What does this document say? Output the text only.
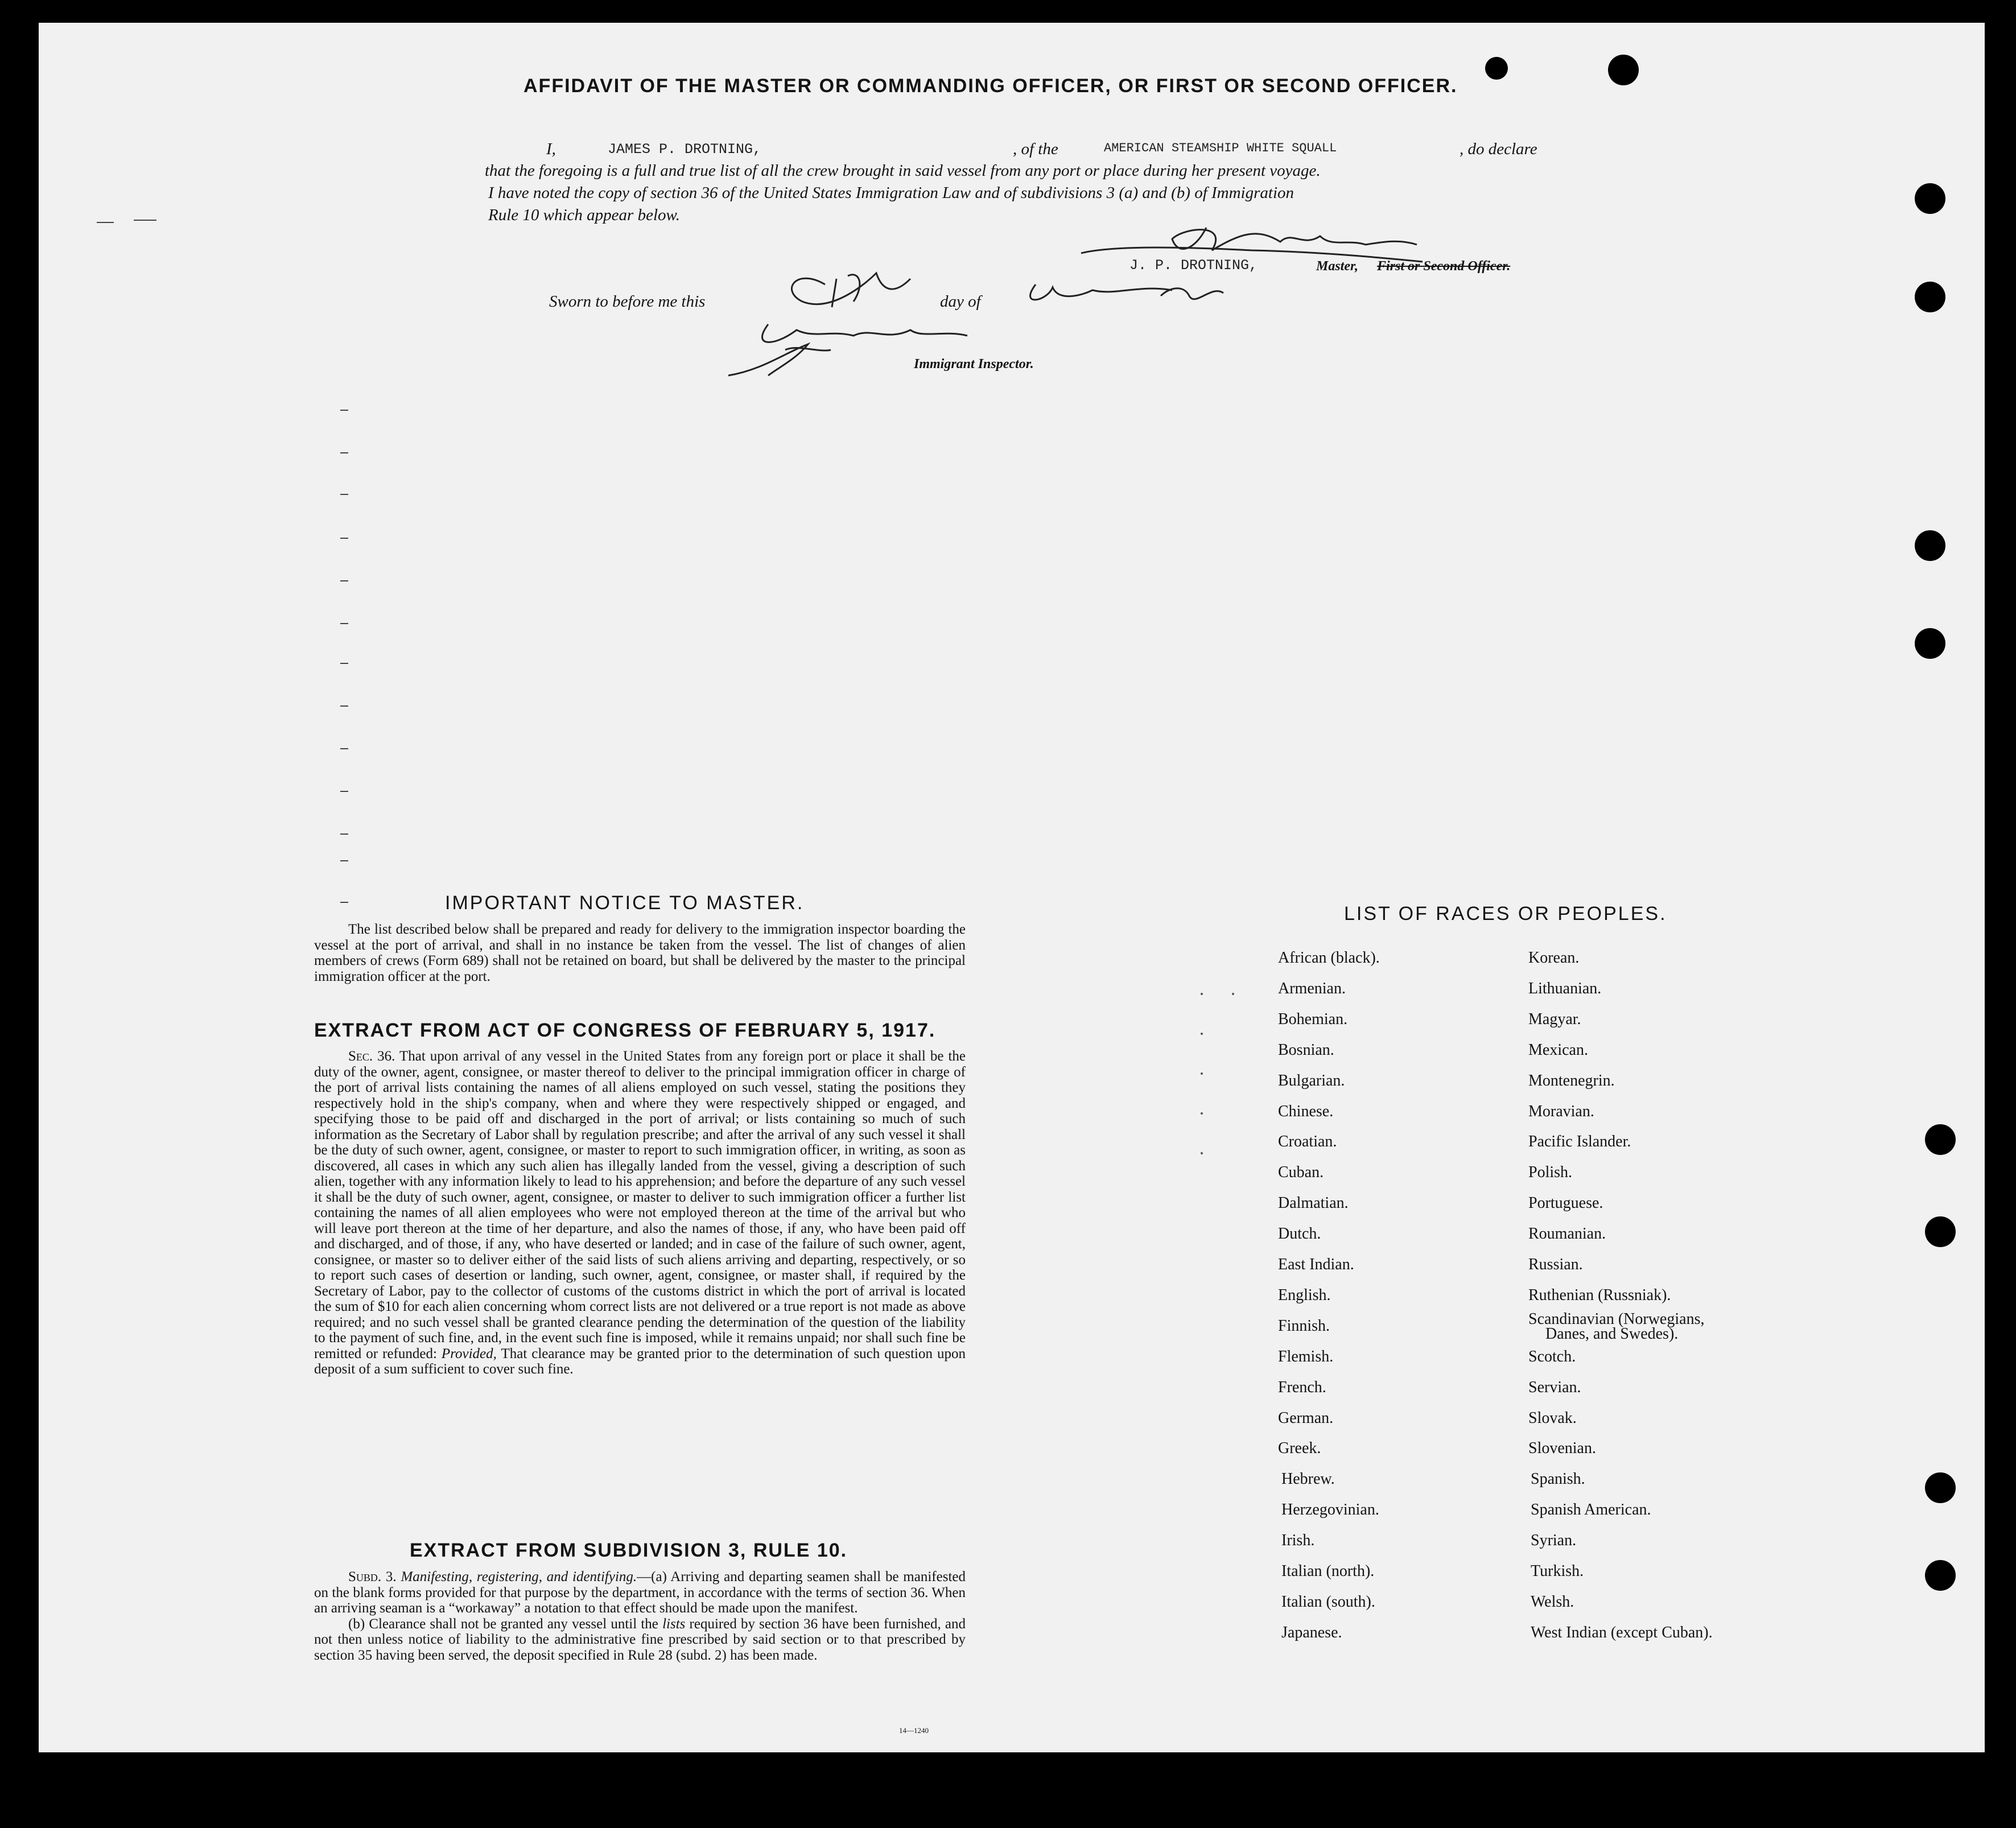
AFFIDAVIT OF THE MASTER OR COMMANDING OFFICER, OR FIRST OR SECOND OFFICER.
I,	JAMES P. DROTNING,	, of the	AMERICAN STEAMSHIP WHITE SQUALL	, do declare
that the foregoing is a full and true list of all the crew brought in said vessel from any port or place during her present voyage.
I have noted the copy of section 36 of the United States Immigration Law and of subdivisions 3 (a) and (b) of Immigration
Rule 10 which appear below.
J. P. DROTNING,	Master, First or Second Officer.
Sworn to before me this	day of
Immigrant Inspector.
IMPORTANT NOTICE TO MASTER.

The list described below shall be prepared and ready for delivery to the immigration inspector boarding the vessel at the port of arrival, and shall in no instance be taken from the vessel. The list of changes of alien members of crews (Form 689) shall not be retained on board, but shall be delivered by the master to the principal immigration officer at the port.

EXTRACT FROM ACT OF CONGRESS OF FEBRUARY 5, 1917.

Sec. 36. That upon arrival of any vessel in the United States from any foreign port or place it shall be the duty of the owner, agent, consignee, or master thereof to deliver to the principal immigration officer in charge of the port of arrival lists containing the names of all aliens employed on such vessel, stating the positions they respectively hold in the ship's company, when and where they were respectively shipped or engaged, and specifying those to be paid off and discharged in the port of arrival; or lists containing so much of such information as the Secretary of Labor shall by regulation prescribe; and after the arrival of any such vessel it shall be the duty of such owner, agent, consignee, or master to report to such immigration officer, in writing, as soon as discovered, all cases in which any such alien has illegally landed from the vessel, giving a description of such alien, together with any information likely to lead to his apprehension; and before the departure of any such vessel it shall be the duty of such owner, agent, consignee, or master to deliver to such immigration officer a further list containing the names of all alien employees who were not employed thereon at the time of the arrival but who will leave port thereon at the time of her departure, and also the names of those, if any, who have been paid off and discharged, and of those, if any, who have deserted or landed; and in case of the failure of such owner, agent, consignee, or master so to deliver either of the said lists of such aliens arriving and departing, respectively, or so to report such cases of desertion or landing, such owner, agent, consignee, or master shall, if required by the Secretary of Labor, pay to the collector of customs of the customs district in which the port of arrival is located the sum of $10 for each alien concerning whom correct lists are not delivered or a true report is not made as above required; and no such vessel shall be granted clearance pending the determination of the question of the liability to the payment of such fine, and, in the event such fine is imposed, while it remains unpaid; nor shall such fine be remitted or refunded: Provided, That clearance may be granted prior to the determination of such question upon deposit of a sum sufficient to cover such fine.

EXTRACT FROM SUBDIVISION 3, RULE 10.

Subd. 3. Manifesting, registering, and identifying.—(a) Arriving and departing seamen shall be manifested on the blank forms provided for that purpose by the department, in accordance with the terms of section 36. When an arriving seaman is a “workaway” a notation to that effect should be made upon the manifest.

(b) Clearance shall not be granted any vessel until the lists required by section 36 have been furnished, and not then unless notice of liability to the administrative fine prescribed by said section or to that prescribed by section 35 having been served, the deposit specified in Rule 28 (subd. 2) has been made.

14—1240
LIST OF RACES OR PEOPLES.
Danes, and Swedes).
African (black).
Armenian.
Bohemian.
Bosnian.
Bulgarian.
Chinese.
Croatian.
Cuban.
Dalmatian.
Dutch.
East Indian.
English.
Finnish.
Flemish.
French.
German.
Greek.
Hebrew.
Herzegovinian.
Irish.
Italian (north).
Italian (south).
Japanese.
Korean.
Lithuanian.
Magyar.
Mexican.
Montenegrin.
Moravian.
Pacific Islander.
Polish.
Portuguese.
Roumanian.
Russian.
Ruthenian (Russniak).
Scandinavian (Norwegians,
Scotch.
Servian.
Slovak.
Slovenian.
Spanish.
Spanish American.
Syrian.
Turkish.
Welsh.
West Indian (except Cuban).
